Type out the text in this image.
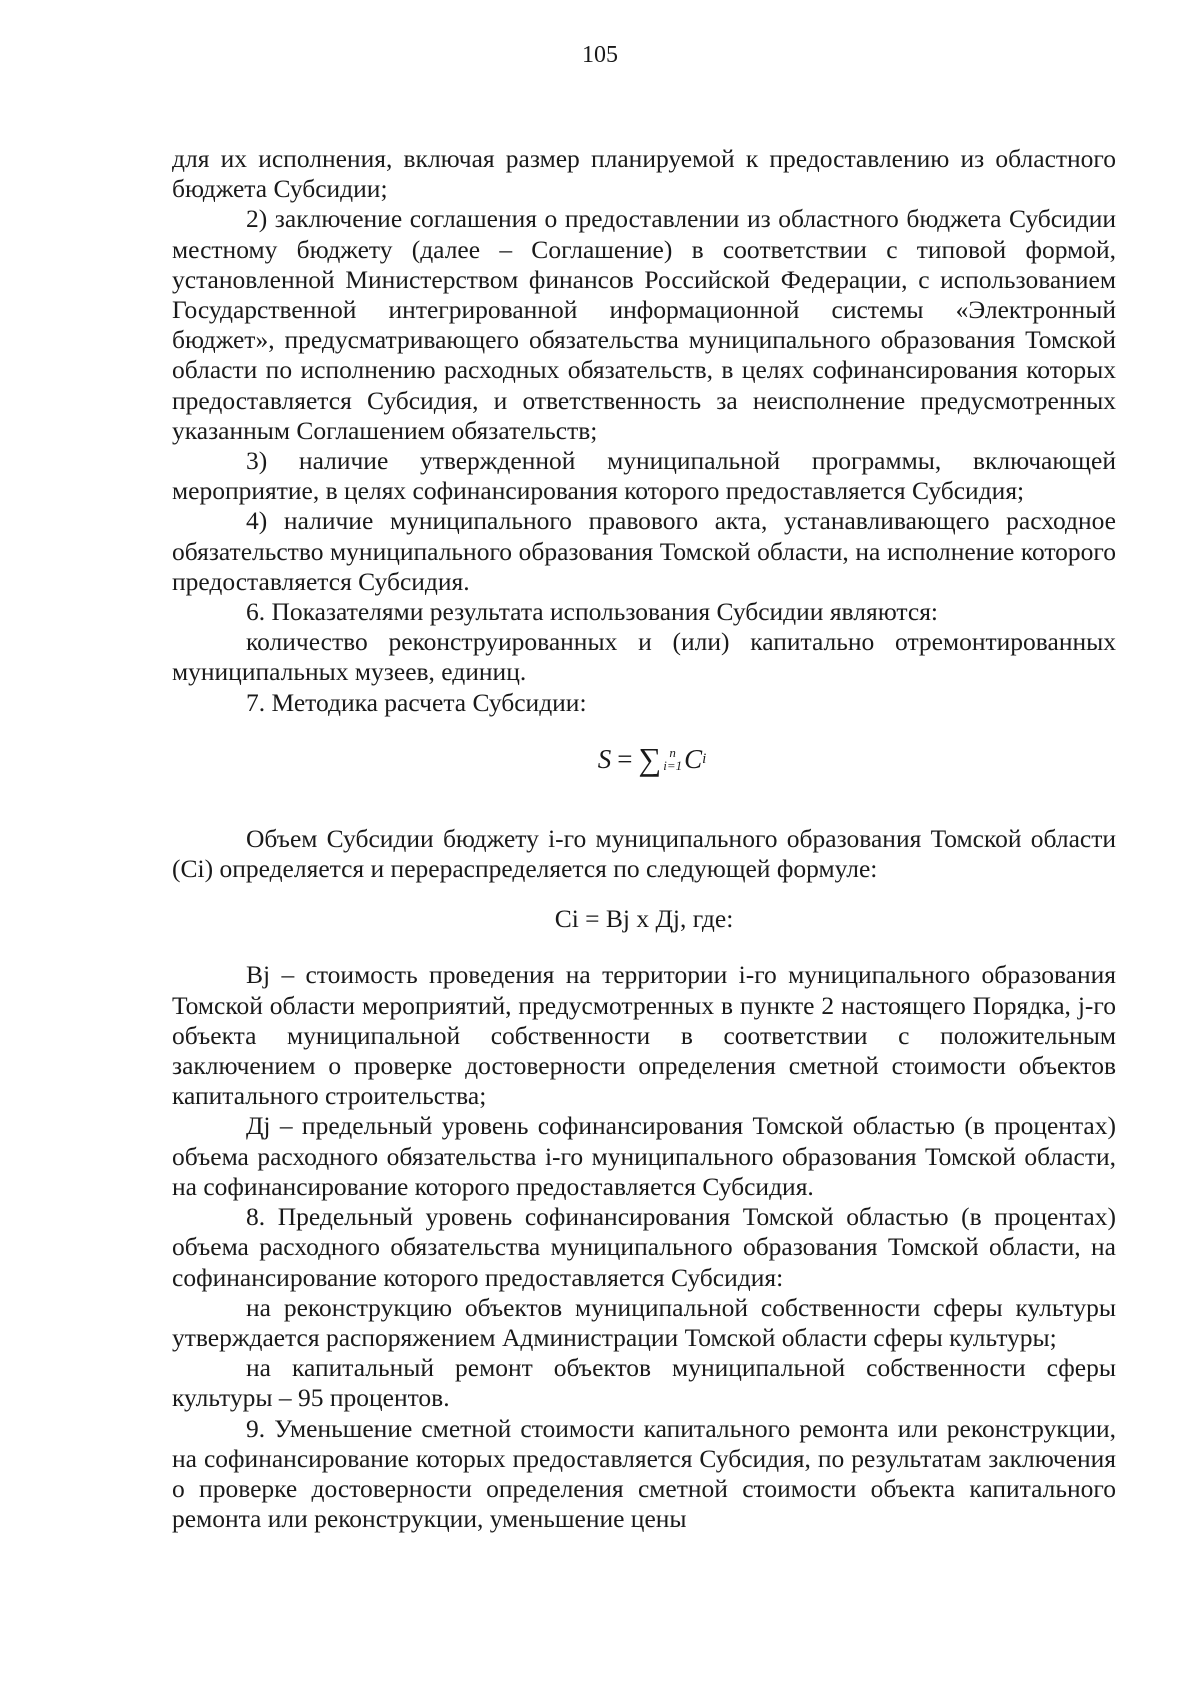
105

для их исполнения, включая размер планируемой к предоставлению из областного бюджета Субсидии;

2) заключение соглашения о предоставлении из областного бюджета Субсидии местному бюджету (далее – Соглашение) в соответствии с типовой формой, установленной Министерством финансов Российской Федерации, с использованием Государственной интегрированной информационной системы «Электронный бюджет», предусматривающего обязательства муниципального образования Томской области по исполнению расходных обязательств, в целях софинансирования которых предоставляется Субсидия, и ответственность за неисполнение предусмотренных указанным Соглашением обязательств;

3) наличие утвержденной муниципальной программы, включающей мероприятие, в целях софинансирования которого предоставляется Субсидия;

4) наличие муниципального правового акта, устанавливающего расходное обязательство муниципального образования Томской области, на исполнение которого предоставляется Субсидия.

6. Показателями результата использования Субсидии являются:

количество реконструированных и (или) капитально отремонтированных муниципальных музеев, единиц.

7. Методика расчета Субсидии:

S = ∑ n
i=1 C i

Объем Субсидии бюджету i-го муниципального образования Томской области (Ci) определяется и перераспределяется по следующей формуле:

Ci = Bj x Дj, где:

Bj – стоимость проведения на территории i-го муниципального образования Томской области мероприятий, предусмотренных в пункте 2 настоящего Порядка, j-го объекта муниципальной собственности в соответствии с положительным заключением о проверке достоверности определения сметной стоимости объектов капитального строительства;

Дj – предельный уровень софинансирования Томской областью (в процентах) объема расходного обязательства i-го муниципального образования Томской области, на софинансирование которого предоставляется Субсидия.

8. Предельный уровень софинансирования Томской областью (в процентах) объема расходного обязательства муниципального образования Томской области, на софинансирование которого предоставляется Субсидия:

на реконструкцию объектов муниципальной собственности сферы культуры утверждается распоряжением Администрации Томской области сферы культуры;

на капитальный ремонт объектов муниципальной собственности сферы культуры – 95 процентов.

9. Уменьшение сметной стоимости капитального ремонта или реконструкции, на софинансирование которых предоставляется Субсидия, по результатам заключения о проверке достоверности определения сметной стоимости объекта капитального ремонта или реконструкции, уменьшение цены
